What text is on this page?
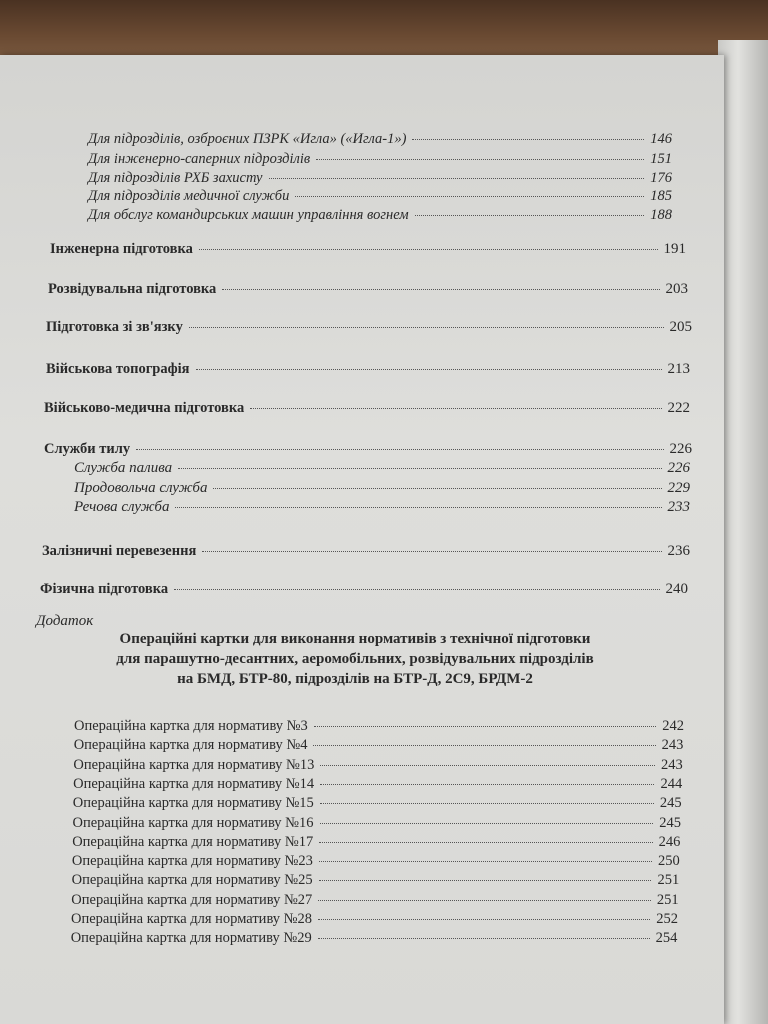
Для підрозділів, озброєних ПЗРК «Игла» («Игла-1»)	146
Для інженерно-саперних підрозділів	151
Для підрозділів РХБ захисту	176
Для підрозділів медичної служби	185
Для обслуг командирських машин управління вогнем	188
Інженерна підготовка	191
Розвідувальна підготовка	203
Підготовка зі зв'язку	205
Військова топографія	213
Військово-медична підготовка	222
Служби тилу	226
Служба палива	226
Продовольча служба	229
Речова служба	233
Залізничні перевезення	236
Фізична підготовка	240
Додаток
Операційні картки для виконання нормативів з технічної підготовки
для парашутно-десантних, аеромобільних, розвідувальних підрозділів
на БМД, БТР-80, підрозділів на БТР-Д, 2С9, БРДМ-2
Операційна картка для нормативу №3	242
Операційна картка для нормативу №4	243
Операційна картка для нормативу №13	243
Операційна картка для нормативу №14	244
Операційна картка для нормативу №15	245
Операційна картка для нормативу №16	245
Операційна картка для нормативу №17	246
Операційна картка для нормативу №23	250
Операційна картка для нормативу №25	251
Операційна картка для нормативу №27	251
Операційна картка для нормативу №28	252
Операційна картка для нормативу №29	254
